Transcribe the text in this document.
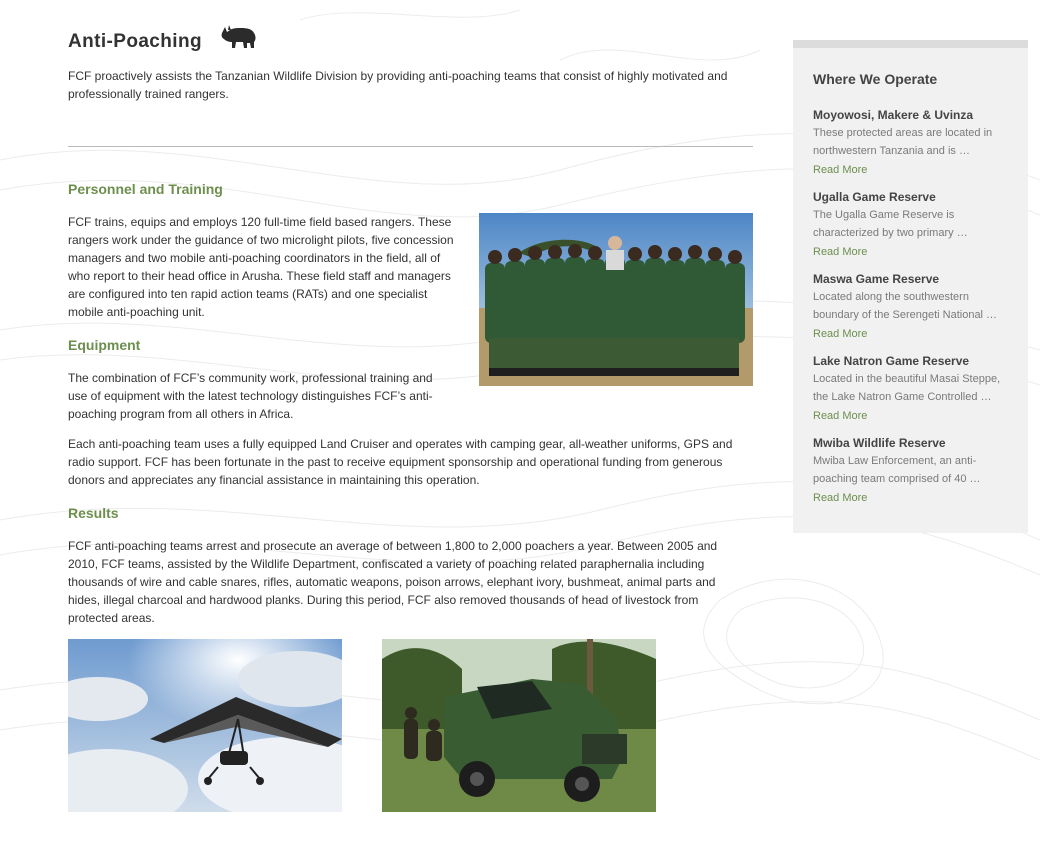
Anti-Poaching

FCF proactively assists the Tanzanian Wildlife Division by providing anti-poaching teams that consist of highly motivated and professionally trained rangers.

Personnel and Training

FCF trains, equips and employs 120 full-time field based rangers. These rangers work under the guidance of two microlight pilots, five concession managers and two mobile anti-poaching coordinators in the field, all of who report to their head office in Arusha. These field staff and managers are configured into ten rapid action teams (RATs) and one specialist mobile anti-poaching unit.

Equipment

The combination of FCF’s community work, professional training and use of equipment with the latest technology distinguishes FCF’s anti-poaching program from all others in Africa.

Each anti-poaching team uses a fully equipped Land Cruiser and operates with camping gear, all-weather uniforms, GPS and radio support. FCF has been fortunate in the past to receive equipment sponsorship and operational funding from generous donors and appreciates any financial assistance in maintaining this operation.

Results

FCF anti-poaching teams arrest and prosecute an average of between 1,800 to 2,000 poachers a year. Between 2005 and 2010, FCF teams, assisted by the Wildlife Department, confiscated a variety of poaching related paraphernalia including thousands of wire and cable snares, rifles, automatic weapons, poison arrows, elephant ivory, bushmeat, animal parts and hides, illegal charcoal and hardwood planks. During this period, FCF also removed thousands of head of livestock from protected areas.

Where We Operate
Moyowosi, Makere & Uvinza
These protected areas are located in
northwestern Tanzania and is …
Read More
Ugalla Game Reserve
The Ugalla Game Reserve is
characterized by two primary …
Read More
Maswa Game Reserve
Located along the southwestern
boundary of the Serengeti National …
Read More
Lake Natron Game Reserve
Located in the beautiful Masai Steppe,
the Lake Natron Game Controlled …
Read More
Mwiba Wildlife Reserve
Mwiba Law Enforcement, an anti-
poaching team comprised of 40 …
Read More
